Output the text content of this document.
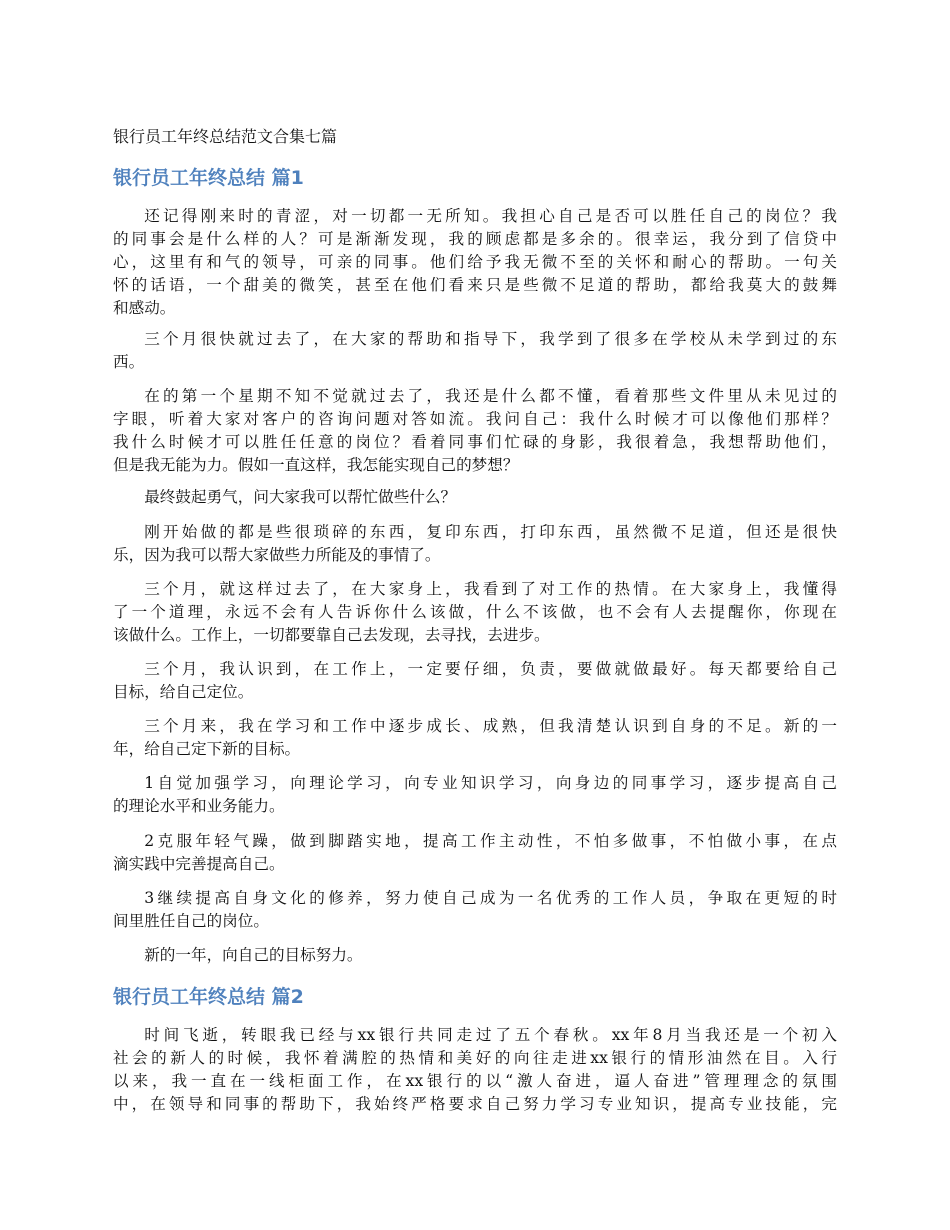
银行员工年终总结范文合集七篇
银行员工年终总结 篇1

还记得刚来时的青涩，对一切都一无所知。我担心自己是否可以胜任自己的岗位？我
的同事会是什么样的人？可是渐渐发现，我的顾虑都是多余的。很幸运，我分到了信贷中
心，这里有和气的领导，可亲的同事。他们给予我无微不至的关怀和耐心的帮助。一句关
怀的话语，一个甜美的微笑，甚至在他们看来只是些微不足道的帮助，都给我莫大的鼓舞
和感动。

三个月很快就过去了，在大家的帮助和指导下，我学到了很多在学校从未学到过的东
西。

在的第一个星期不知不觉就过去了，我还是什么都不懂，看着那些文件里从未见过的
字眼，听着大家对客户的咨询问题对答如流。我问自己：我什么时候才可以像他们那样？
我什么时候才可以胜任任意的岗位？看着同事们忙碌的身影，我很着急，我想帮助他们，
但是我无能为力。假如一直这样，我怎能实现自己的梦想？

最终鼓起勇气，问大家我可以帮忙做些什么？

刚开始做的都是些很琐碎的东西，复印东西，打印东西，虽然微不足道，但还是很快
乐，因为我可以帮大家做些力所能及的事情了。

三个月，就这样过去了，在大家身上，我看到了对工作的热情。在大家身上，我懂得
了一个道理，永远不会有人告诉你什么该做，什么不该做，也不会有人去提醒你，你现在
该做什么。工作上，一切都要靠自己去发现，去寻找，去进步。

三个月，我认识到，在工作上，一定要仔细，负责，要做就做最好。每天都要给自己
目标，给自己定位。

三个月来，我在学习和工作中逐步成长、成熟，但我清楚认识到自身的不足。新的一
年，给自己定下新的目标。

1自觉加强学习，向理论学习，向专业知识学习，向身边的同事学习，逐步提高自己
的理论水平和业务能力。

2克服年轻气躁，做到脚踏实地，提高工作主动性，不怕多做事，不怕做小事，在点
滴实践中完善提高自己。

3继续提高自身文化的修养，努力使自己成为一名优秀的工作人员，争取在更短的时
间里胜任自己的岗位。

新的一年，向自己的目标努力。

银行员工年终总结 篇2

时间飞逝，转眼我已经与xx银行共同走过了五个春秋。xx年8月当我还是一个初入
社会的新人的时候，我怀着满腔的热情和美好的向往走进xx银行的情形油然在目。入行
以来，我一直在一线柜面工作，在xx银行的以“激人奋进，逼人奋进”管理理念的氛围
中，在领导和同事的帮助下，我始终严格要求自己努力学习专业知识，提高专业技能，完
